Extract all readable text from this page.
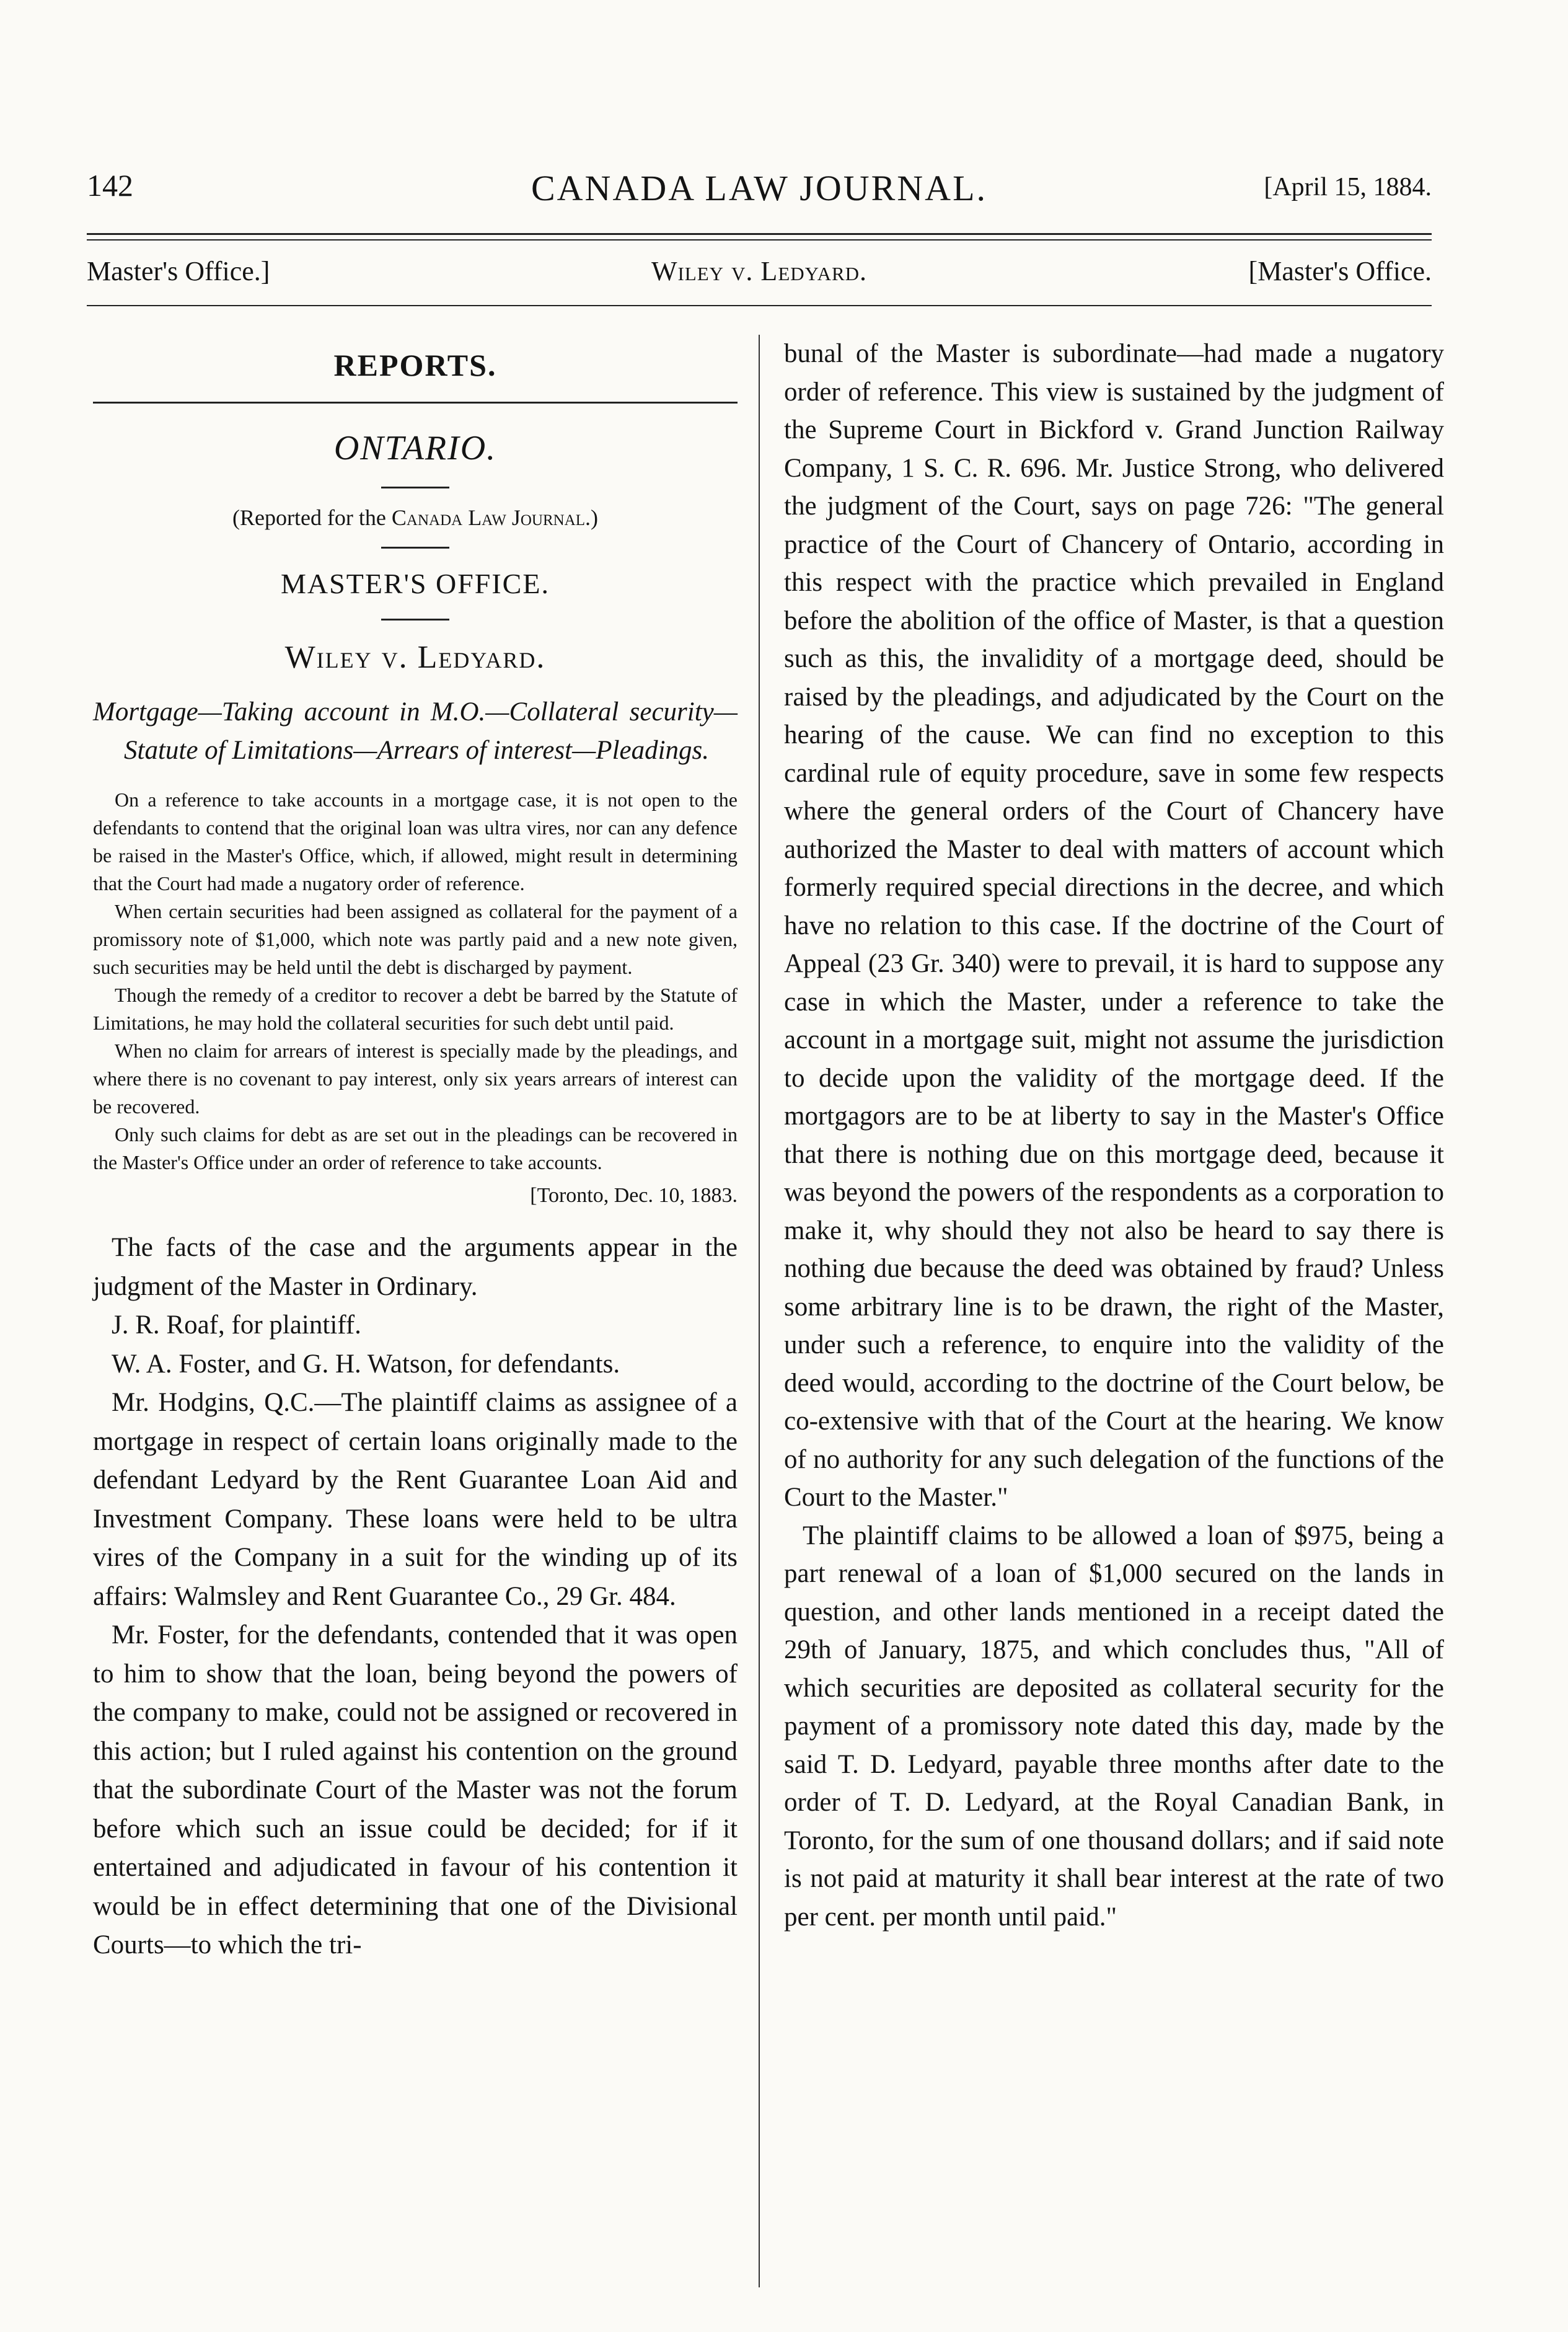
142	CANADA LAW JOURNAL.	[April 15, 1884.
Master's Office.]	Wiley v. Ledyard.	[Master's Office.
REPORTS.
ONTARIO.
(Reported for the Canada Law Journal.)
MASTER'S OFFICE.
Wiley v. Ledyard.
Mortgage—Taking account in M.O.—Collateral security—Statute of Limitations—Arrears of interest—Pleadings.

On a reference to take accounts in a mortgage case, it is not open to the defendants to contend that the original loan was ultra vires, nor can any defence be raised in the Master's Office, which, if allowed, might result in determining that the Court had made a nugatory order of reference.

When certain securities had been assigned as collateral for the payment of a promissory note of $1,000, which note was partly paid and a new note given, such securities may be held until the debt is discharged by payment.

Though the remedy of a creditor to recover a debt be barred by the Statute of Limitations, he may hold the collateral securities for such debt until paid.

When no claim for arrears of interest is specially made by the pleadings, and where there is no covenant to pay interest, only six years arrears of interest can be recovered.

Only such claims for debt as are set out in the pleadings can be recovered in the Master's Office under an order of reference to take accounts.

[Toronto, Dec. 10, 1883.

The facts of the case and the arguments appear in the judgment of the Master in Ordinary.

J. R. Roaf, for plaintiff.

W. A. Foster, and G. H. Watson, for defendants.

Mr. Hodgins, Q.C.—The plaintiff claims as assignee of a mortgage in respect of certain loans originally made to the defendant Ledyard by the Rent Guarantee Loan Aid and Investment Company. These loans were held to be ultra vires of the Company in a suit for the winding up of its affairs: Walmsley and Rent Guarantee Co., 29 Gr. 484.

Mr. Foster, for the defendants, contended that it was open to him to show that the loan, being beyond the powers of the company to make, could not be assigned or recovered in this action; but I ruled against his contention on the ground that the subordinate Court of the Master was not the forum before which such an issue could be decided; for if it entertained and adjudicated in favour of his contention it would be in effect determining that one of the Divisional Courts—to which the tri-

bunal of the Master is subordinate—had made a nugatory order of reference. This view is sustained by the judgment of the Supreme Court in Bickford v. Grand Junction Railway Company, 1 S. C. R. 696. Mr. Justice Strong, who delivered the judgment of the Court, says on page 726: "The general practice of the Court of Chancery of Ontario, according in this respect with the practice which prevailed in England before the abolition of the office of Master, is that a question such as this, the invalidity of a mortgage deed, should be raised by the pleadings, and adjudicated by the Court on the hearing of the cause. We can find no exception to this cardinal rule of equity procedure, save in some few respects where the general orders of the Court of Chancery have authorized the Master to deal with matters of account which formerly required special directions in the decree, and which have no relation to this case. If the doctrine of the Court of Appeal (23 Gr. 340) were to prevail, it is hard to suppose any case in which the Master, under a reference to take the account in a mortgage suit, might not assume the jurisdiction to decide upon the validity of the mortgage deed. If the mortgagors are to be at liberty to say in the Master's Office that there is nothing due on this mortgage deed, because it was beyond the powers of the respondents as a corporation to make it, why should they not also be heard to say there is nothing due because the deed was obtained by fraud? Unless some arbitrary line is to be drawn, the right of the Master, under such a reference, to enquire into the validity of the deed would, according to the doctrine of the Court below, be co-extensive with that of the Court at the hearing. We know of no authority for any such delegation of the functions of the Court to the Master."

The plaintiff claims to be allowed a loan of $975, being a part renewal of a loan of $1,000 secured on the lands in question, and other lands mentioned in a receipt dated the 29th of January, 1875, and which concludes thus, "All of which securities are deposited as collateral security for the payment of a promissory note dated this day, made by the said T. D. Ledyard, payable three months after date to the order of T. D. Ledyard, at the Royal Canadian Bank, in Toronto, for the sum of one thousand dollars; and if said note is not paid at maturity it shall bear interest at the rate of two per cent. per month until paid."
